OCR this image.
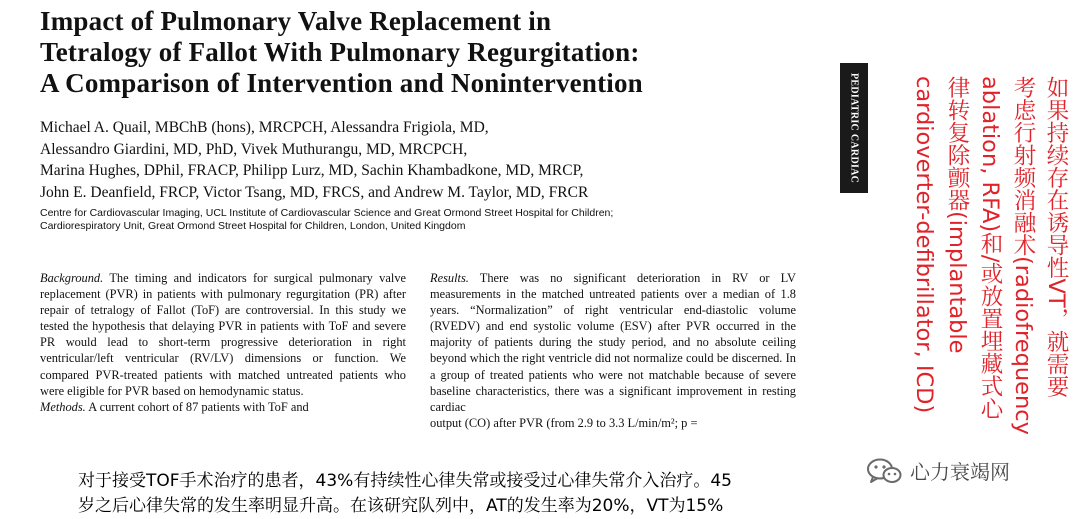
Impact of Pulmonary Valve Replacement in
Tetralogy of Fallot With Pulmonary Regurgitation:
A Comparison of Intervention and Nonintervention
Michael A. Quail, MBChB (hons), MRCPCH, Alessandra Frigiola, MD,
Alessandro Giardini, MD, PhD, Vivek Muthurangu, MD, MRCPCH,
Marina Hughes, DPhil, FRACP, Philipp Lurz, MD, Sachin Khambadkone, MD, MRCP,
John E. Deanfield, FRCP, Victor Tsang, MD, FRCS, and Andrew M. Taylor, MD, FRCR
Centre for Cardiovascular Imaging, UCL Institute of Cardiovascular Science and Great Ormond Street Hospital for Children;
Cardiorespiratory Unit, Great Ormond Street Hospital for Children, London, United Kingdom
PEDIATRIC CARDIAC
Background. The timing and indicators for surgical pulmonary valve replacement (PVR) in patients with pulmonary regurgitation (PR) after repair of tetralogy of Fallot (ToF) are controversial. In this study we tested the hypothesis that delaying PVR in patients with ToF and severe PR would lead to short-term progressive deterioration in right ventricular/left ventricular (RV/LV) dimensions or function. We compared PVR-treated patients with matched untreated patients who were eligible for PVR based on hemodynamic status.
Methods. A current cohort of 87 patients with ToF and
Results. There was no significant deterioration in RV or LV measurements in the matched untreated patients over a median of 1.8 years. “Normalization” of right ventricular end-diastolic volume (RVEDV) and end systolic volume (ESV) after PVR occurred in the majority of patients during the study period, and no absolute ceiling beyond which the right ventricle did not normalize could be discerned. In a group of treated patients who were not matchable because of severe baseline characteristics, there was a significant improvement in resting cardiac
output (CO) after PVR (from 2.9 to 3.3 L/min/m²; p =
如果持续存在诱导性VT，就需要
考虑行射频消融术(radiofrequency
ablation, RFA)和/或放置埋藏式心
律转复除颤器(implantable
cardioverter-defibrillator, ICD)
对于接受TOF手术治疗的患者，43%有持续性心律失常或接受过心律失常介入治疗。45
岁之后心律失常的发生率明显升高。在该研究队列中，AT的发生率为20%，VT为15%
心力衰竭网
